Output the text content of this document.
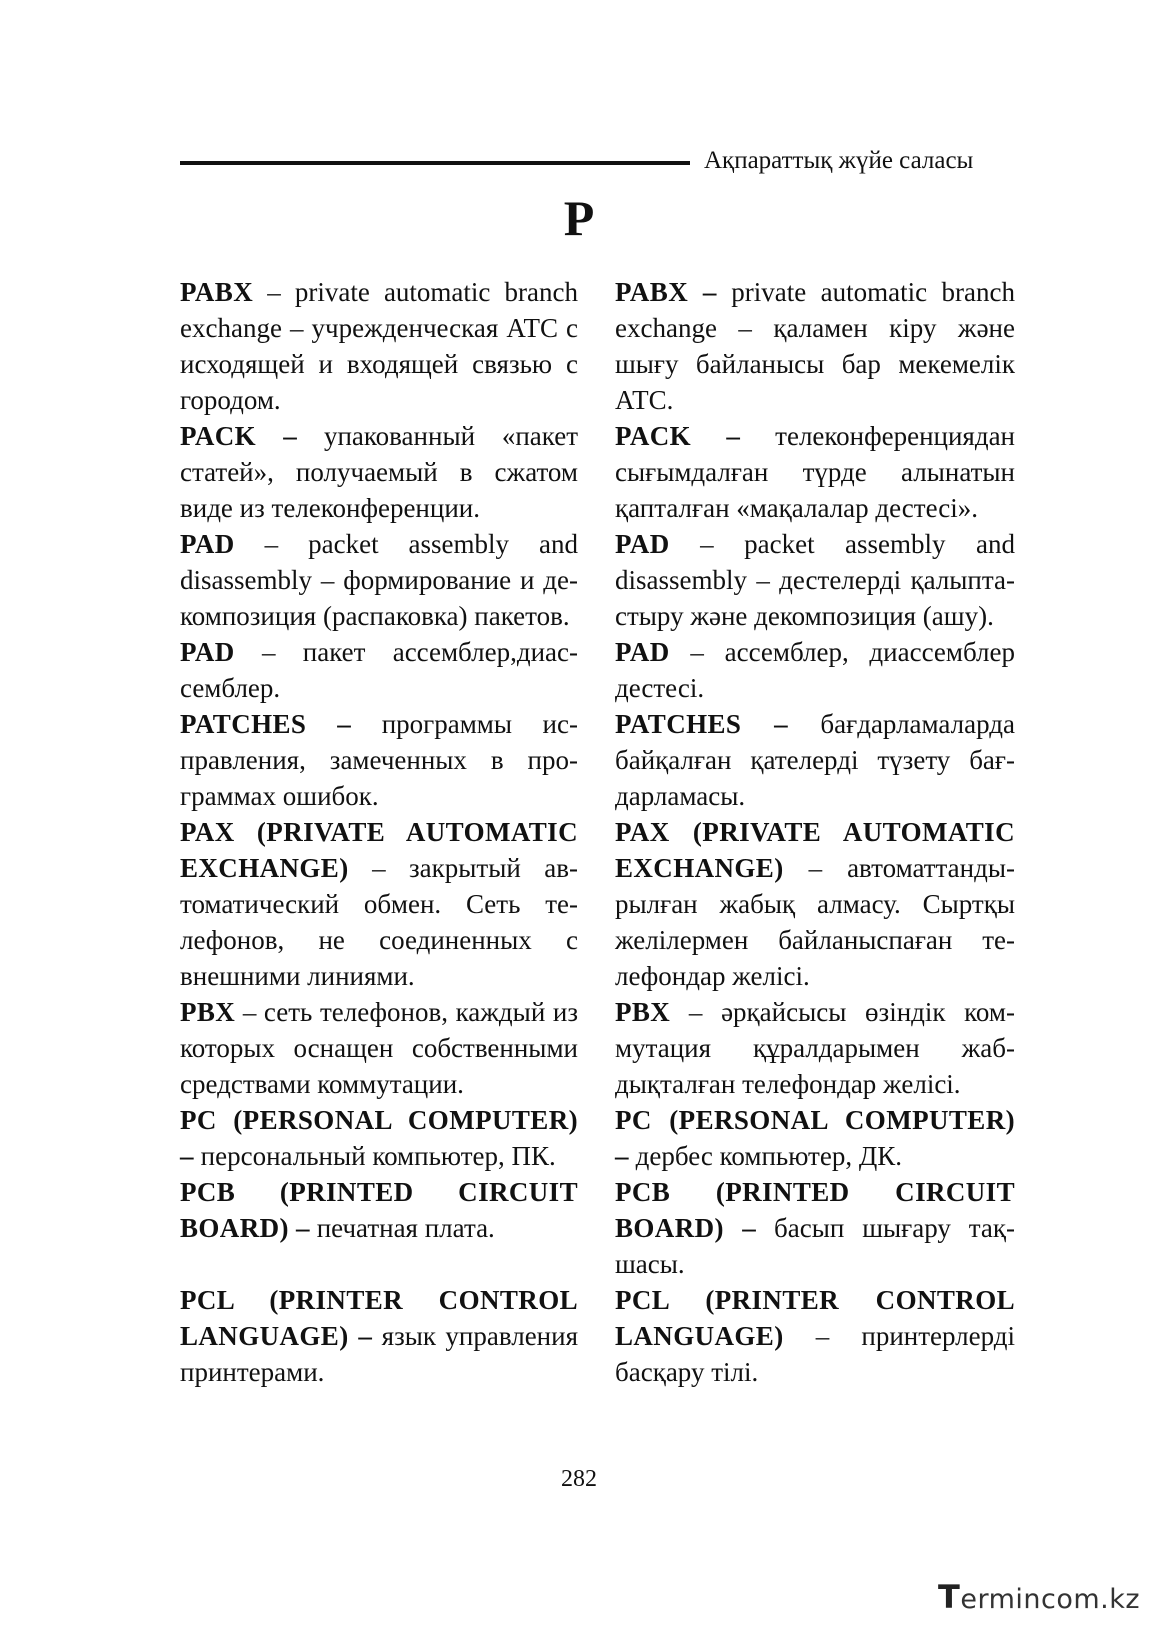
Ақпараттық жүйе саласы
P

PABX – private automatic branch exchange – учрежденческая АТС с исходящей и входящей связью с городом.

PACK – упакованный «пакет статей», получаемый в сжатом виде из телеконференции.

PAD – packet assembly and disassembly – формирование и декомпозиция (распаковка) пакетов.

PAD – пакет ассемблер,диассемблер.

PATCHES – программы исправления, замеченных в программах ошибок.

PAX (PRIVATE AUTOMATIC EXCHANGE) – закрытый автоматический обмен. Сеть телефонов, не соединенных с внешними линиями.

PBX – сеть телефонов, каждый из которых оснащен собственными средствами коммутации.

PC (PERSONAL COMPUTER) – персональный компьютер, ПК.

PCB (PRINTED CIRCUIT BOARD) – печатная плата.

PCL (PRINTER CONTROL LANGUAGE) – язык управления принтерами.

PABX – private automatic branch exchange – қаламен кіру және шығу байланысы бар мекемелік АТС.

PACK – телеконференциядан сығымдалған түрде алынатын қапталған «мақалалар дестесі».

PAD – packet assembly and disassembly – дестелерді қалыптастыру және декомпозиция (ашу).

PAD – ассемблер, диассемблер дестесі.

PATCHES – бағдарламаларда байқалған қателерді түзету бағдарламасы.

PAX (PRIVATE AUTOMATIC EXCHANGE) – автоматтандырылған жабық алмасу. Сыртқы желілермен байланыспаған телефондар желісі.

PBX – әрқайсысы өзіндік коммутация құралдарымен жабдықталған телефондар желісі.

PC (PERSONAL COMPUTER) – дербес компьютер, ДК.

PCB (PRINTED CIRCUIT BOARD) – басып шығару тақшасы.

PCL (PRINTER CONTROL LANGUAGE) – принтерлерді басқару тілі.

282
Termincom.kz
